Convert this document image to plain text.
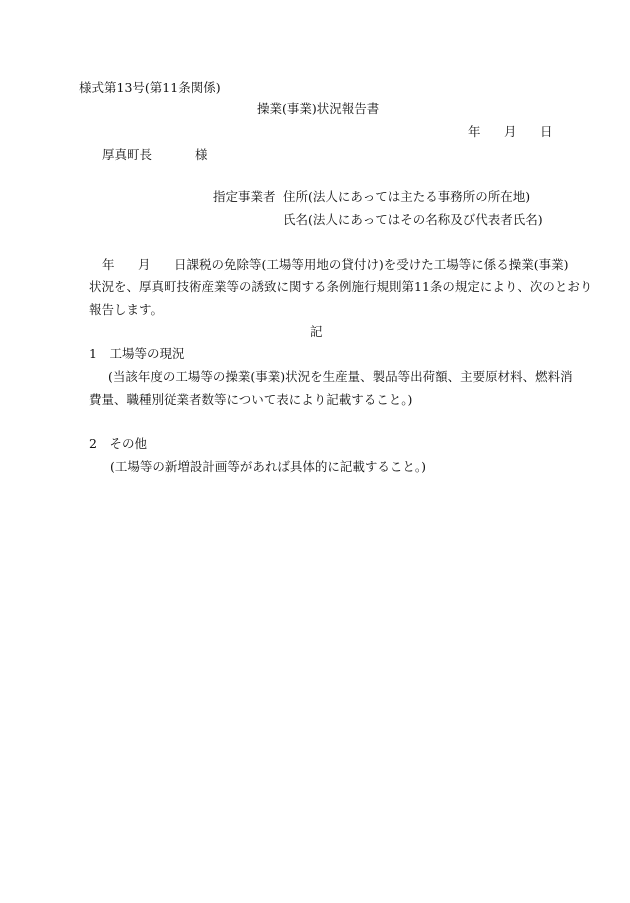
様式第13号(第11条関係)
操業(事業)状況報告書
年 月 日
厚真町長	様
指定事業者 住所(法人にあっては主たる事務所の所在地)
氏名(法人にあってはその名称及び代表者氏名)
年 月 日課税の免除等(工場等用地の貸付け)を受けた工場等に係る操業(事業)
状況を、厚真町技術産業等の誘致に関する条例施行規則第11条の規定により、次のとおり
報告します。
記
1　工場等の現況
(当該年度の工場等の操業(事業)状況を生産量、製品等出荷額、主要原材料、燃料消
費量、職種別従業者数等について表により記載すること。)
2　その他
(工場等の新増設計画等があれば具体的に記載すること。)
